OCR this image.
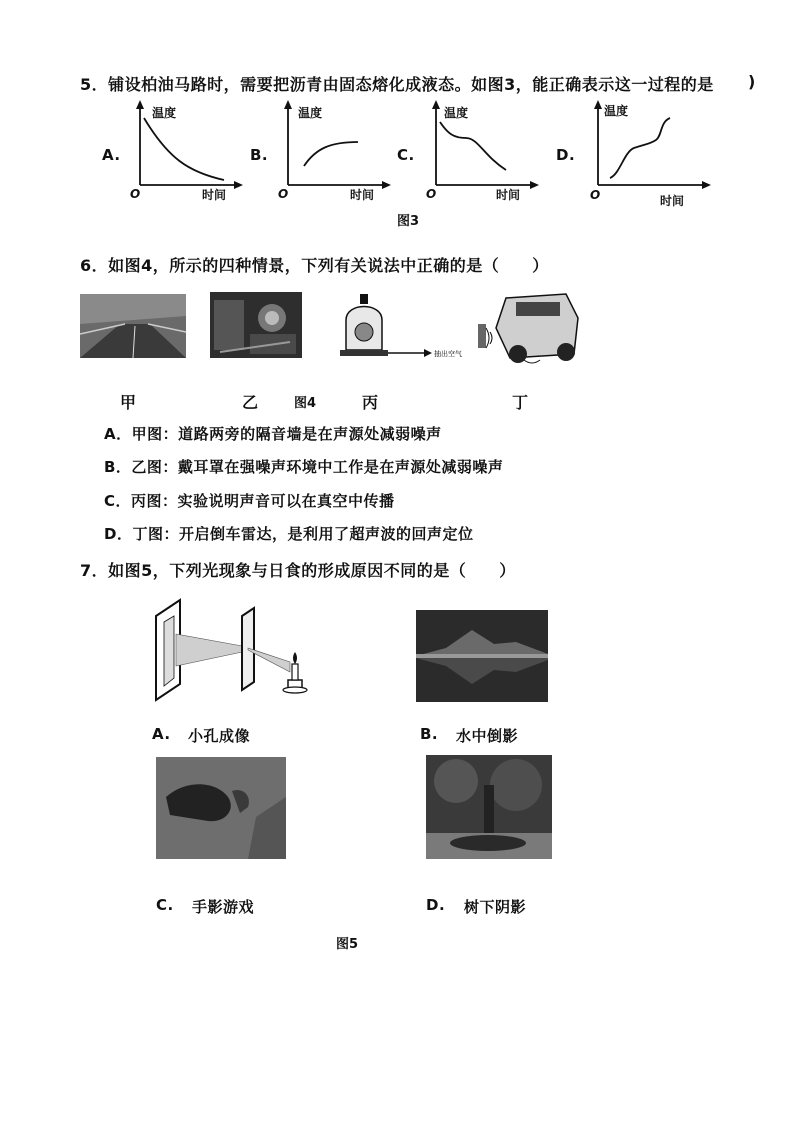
5．铺设柏油马路时，需要把沥青由固态熔化成液态。如图3，能正确表示这一过程的是 )
A.
温度
时间
O
B.
温度
时间
O
C.
温度
时间
O
D.
温度
时间
O
图3
6．如图4，所示的四种情景，下列有关说法中正确的是（　　）
抽出空气
甲	乙	图4	丙	丁
A．甲图：道路两旁的隔音墙是在声源处减弱噪声
B．乙图：戴耳罩在强噪声环境中工作是在声源处减弱噪声
C．丙图：实验说明声音可以在真空中传播
D．丁图：开启倒车雷达，是利用了超声波的回声定位
7．如图5，下列光现象与日食的形成原因不同的是（　　）
A. 小孔成像	B. 水中倒影
C. 手影游戏	D. 树下阴影
图5
